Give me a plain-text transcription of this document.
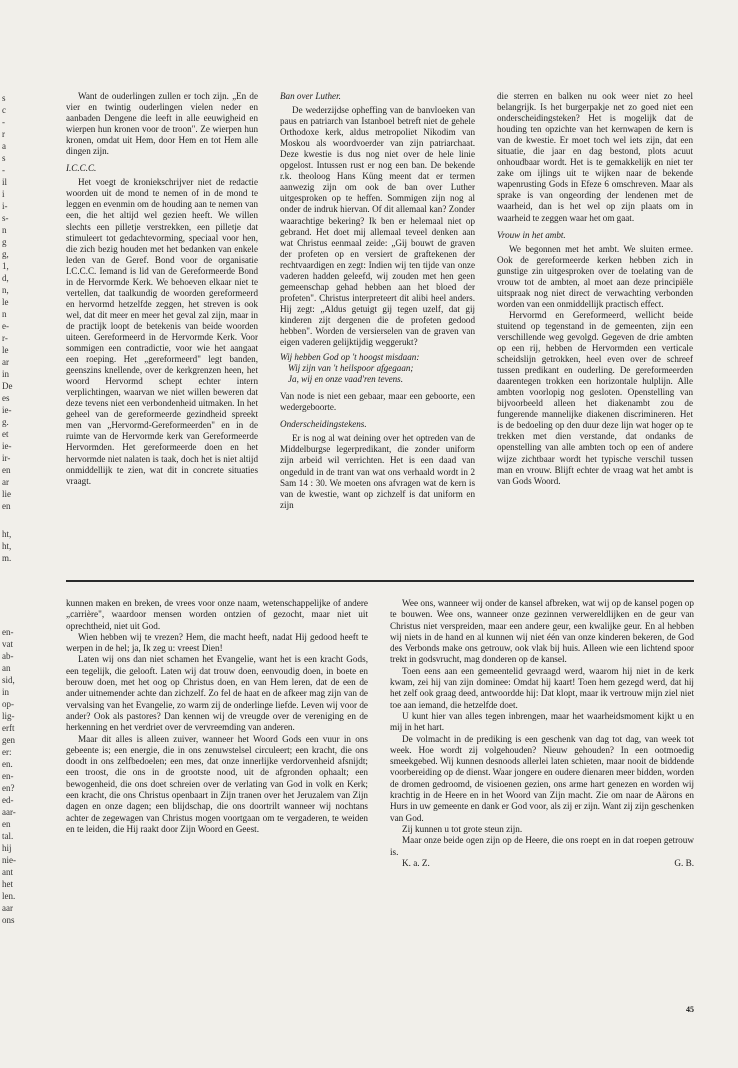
s
c
-
r
a
s
-
il
i
i-
s-
n
g
g,
1,
d,
n,
le
n
e-
r-
le
ar
in
De
es
ie-
g.
et
ie-
ir-
en
ar
lie
en
ht,
ht,
m.
en-
vat
ab-
an
sid,
in
op-
lig-
erft
gen
er:
en.
en-
en?
ed-
aar-
en
tal.
hij
nie-
ant
het
len.
aar
ons

Want de ouderlingen zullen er toch zijn. „En de vier en twintig ouderlingen vielen neder en aanbaden Dengene die leeft in alle eeuwigheid en wierpen hun kronen voor de troon". Ze wierpen hun kronen, omdat uit Hem, door Hem en tot Hem alle dingen zijn.

I.C.C.C.

Het voegt de kroniekschrijver niet de redactie woorden uit de mond te nemen of in de mond te leggen en evenmin om de houding aan te nemen van een, die het altijd wel gezien heeft. We willen slechts een pilletje verstrekken, een pilletje dat stimuleert tot gedachtevorming, speciaal voor hen, die zich bezig houden met het bedanken van enkele leden van de Geref. Bond voor de organisatie I.C.C.C. Iemand is lid van de Gereformeerde Bond in de Hervormde Kerk. We behoeven elkaar niet te vertellen, dat taalkundig de woorden gereformeerd en hervormd hetzelfde zeggen, het streven is ook wel, dat dit meer en meer het geval zal zijn, maar in de practijk loopt de betekenis van beide woorden uiteen. Gereformeerd in de Hervormde Kerk. Voor sommigen een contradictie, voor wie het aangaat een roeping. Het „gereformeerd" legt banden, geenszins knellende, over de kerkgrenzen heen, het woord Hervormd schept echter intern verplichtingen, waarvan we niet willen beweren dat deze tevens niet een verbondenheid uitmaken. In het geheel van de gereformeerde gezindheid spreekt men van „Hervormd-Gereformeerden" en in de ruimte van de Hervormde kerk van Gereformeerde Hervormden. Het gereformeerde doen en het hervormde niet nalaten is taak, doch het is niet altijd onmiddellijk te zien, wat dit in concrete situaties vraagt.

Ban over Luther.

De wederzijdse opheffing van de banvloeken van paus en patriarch van Istanboel betreft niet de gehele Orthodoxe kerk, aldus metropoliet Nikodim van Moskou als woordvoerder van zijn patriarchaat. Deze kwestie is dus nog niet over de hele linie opgelost. Intussen rust er nog een ban. De bekende r.k. theoloog Hans Küng meent dat er termen aanwezig zijn om ook de ban over Luther uitgesproken op te heffen. Sommigen zijn nog al onder de indruk hiervan. Of dit allemaal kan? Zonder waarachtige bekering? Ik ben er helemaal niet op gebrand. Het doet mij allemaal teveel denken aan wat Christus eenmaal zeide: „Gij bouwt de graven der profeten op en versiert de graftekenen der rechtvaardigen en zegt: Indien wij ten tijde van onze vaderen hadden geleefd, wij zouden met hen geen gemeenschap gehad hebben aan het bloed der profeten". Christus interpreteert dit alibi heel anders. Hij zegt: „Aldus getuigt gij tegen uzelf, dat gij kinderen zijt dergenen die de profeten gedood hebben". Worden de versierselen van de graven van eigen vaderen gelijktijdig weggerukt?

Wij hebben God op 't hoogst misdaan:
Wij zijn van 't heilspoor afgegaan;
Ja, wij en onze vaad'ren tevens.

Van node is niet een gebaar, maar een geboorte, een wedergeboorte.

Onderscheidingstekens.

Er is nog al wat deining over het optreden van de Middelburgse legerpredikant, die zonder uniform zijn arbeid wil verrichten. Het is een daad van ongeduld in de trant van wat ons verhaald wordt in 2 Sam 14 : 30. We moeten ons afvragen wat de kern is van de kwestie, want op zichzelf is dat uniform en zijn

die sterren en balken nu ook weer niet zo heel belangrijk. Is het burgerpakje net zo goed niet een onderscheidingsteken? Het is mogelijk dat de houding ten opzichte van het kernwapen de kern is van de kwestie. Er moet toch wel iets zijn, dat een situatie, die jaar en dag bestond, plots acuut onhoudbaar wordt. Het is te gemakkelijk en niet ter zake om ijlings uit te wijken naar de bekende wapenrusting Gods in Efeze 6 omschreven. Maar als sprake is van ongeording der lendenen met de waarheid, dan is het wel op zijn plaats om in waarheid te zeggen waar het om gaat.

Vrouw in het ambt.

We begonnen met het ambt. We sluiten ermee. Ook de gereformeerde kerken hebben zich in gunstige zin uitgesproken over de toelating van de vrouw tot de ambten, al moet aan deze principiële uitspraak nog niet direct de verwachting verbonden worden van een onmiddellijk practisch effect.

Hervormd en Gereformeerd, wellicht beide stuitend op tegenstand in de gemeenten, zijn een verschillende weg gevolgd. Gegeven de drie ambten op een rij, hebben de Hervormden een verticale scheidslijn getrokken, heel even over de schreef tussen predikant en ouderling. De gereformeerden daarentegen trokken een horizontale hulplijn. Alle ambten voorlopig nog gesloten. Openstelling van bijvoorbeeld alleen het diakenambt zou de fungerende mannelijke diakenen discrimineren. Het is de bedoeling op den duur deze lijn wat hoger op te trekken met dien verstande, dat ondanks de openstelling van alle ambten toch op een of andere wijze zichtbaar wordt het typische verschil tussen man en vrouw. Blijft echter de vraag wat het ambt is van Gods Woord.

kunnen maken en breken, de vrees voor onze naam, wetenschappelijke of andere „carrière", waardoor mensen worden ontzien of gezocht, maar niet uit oprechtheid, niet uit God.

Wien hebben wij te vrezen? Hem, die macht heeft, nadat Hij gedood heeft te werpen in de hel; ja, Ik zeg u: vreest Dien!

Laten wij ons dan niet schamen het Evangelie, want het is een kracht Gods, een tegelijk, die gelooft. Laten wij dat trouw doen, eenvoudig doen, in boete en berouw doen, met het oog op Christus doen, en van Hem leren, dat de een de ander uitnemender achte dan zichzelf. Zo fel de haat en de afkeer mag zijn van de vervalsing van het Evangelie, zo warm zij de onderlinge liefde. Leven wij voor de ander? Ook als pastores? Dan kennen wij de vreugde over de vereniging en de herkenning en het verdriet over de vervreemding van anderen.

Maar dit alles is alleen zuiver, wanneer het Woord Gods een vuur in ons gebeente is; een energie, die in ons zenuwstelsel circuleert; een kracht, die ons doodt in ons zelfbedoelen; een mes, dat onze innerlijke verdorvenheid afsnijdt; een troost, die ons in de grootste nood, uit de afgronden ophaalt; een bewogenheid, die ons doet schreien over de verlating van God in volk en Kerk; een kracht, die ons Christus openbaart in Zijn tranen over het Jeruzalem van Zijn dagen en onze dagen; een blijdschap, die ons doortrilt wanneer wij nochtans achter de zegewagen van Christus mogen voortgaan om te vergaderen, te weiden en te leiden, die Hij raakt door Zijn Woord en Geest.

Wee ons, wanneer wij onder de kansel afbreken, wat wij op de kansel pogen op te bouwen. Wee ons, wanneer onze gezinnen verwereldlijken en de geur van Christus niet verspreiden, maar een andere geur, een kwalijke geur. En al hebben wij niets in de hand en al kunnen wij niet één van onze kinderen bekeren, de God des Verbonds make ons getrouw, ook vlak bij huis. Alleen wie een lichtend spoor trekt in godsvrucht, mag donderen op de kansel.

Toen eens aan een gemeentelid gevraagd werd, waarom hij niet in de kerk kwam, zei hij van zijn dominee: Omdat hij kaart! Toen hem gezegd werd, dat hij het zelf ook graag deed, antwoordde hij: Dat klopt, maar ik vertrouw mijn ziel niet toe aan iemand, die hetzelfde doet.

U kunt hier van alles tegen inbrengen, maar het waarheidsmoment kijkt u en mij in het hart.

De volmacht in de prediking is een geschenk van dag tot dag, van week tot week. Hoe wordt zij volgehouden? Nieuw gehouden? In een ootmoedig smeekgebed. Wij kunnen desnoods allerlei laten schieten, maar nooit de biddende voorbereiding op de dienst. Waar jongere en oudere dienaren meer bidden, worden de dromen gedroomd, de visioenen gezien, ons arme hart genezen en worden wij krachtig in de Heere en in het Woord van Zijn macht. Zie om naar de Aärons en Hurs in uw gemeente en dank er God voor, als zij er zijn. Want zij zijn geschenken van God.

Zij kunnen u tot grote steun zijn.

Maar onze beide ogen zijn op de Heere, die ons roept en in dat roepen getrouw is.

K. a. Z.	G. B.

45
